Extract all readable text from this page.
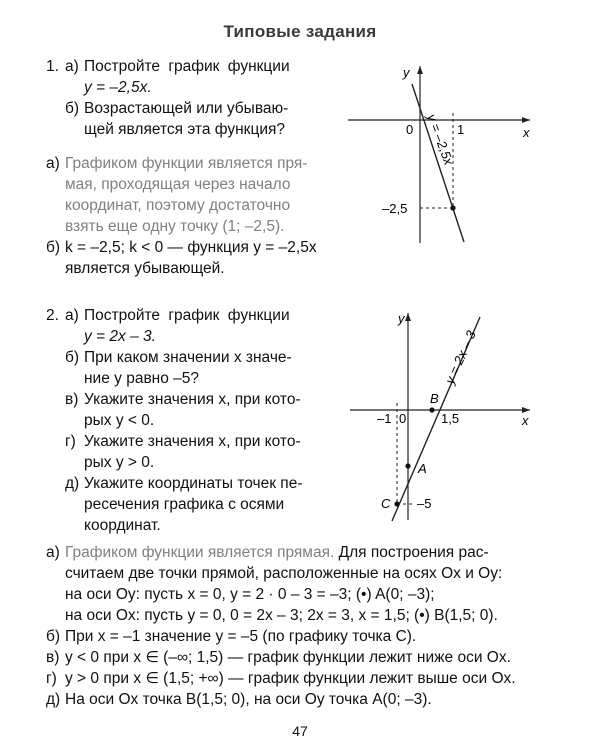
Типовые задания
1. а) Постройте график функции
y = –2,5x.
б) Возрастающей или убываю-
щей является эта функция?
а) Графиком функции является пря-
мая, проходящая через начало
координат, поэтому достаточно
взять еще одну точку (1; –2,5).
б) k = –2,5; k < 0 — функция y = –2,5x
является убывающей.
y
x
0	1
–2,5
y = –2,5x
2. а) Постройте график функции
y = 2x – 3.
б) При каком значении x значе-
ние y равно –5?
в) Укажите значения x, при кото-
рых y < 0.
г) Укажите значения x, при кото-
рых y > 0.
д) Укажите координаты точек пе-
ресечения графика с осями
координат.
y
x
–1 0	1,5
B
A
C –5
y = 2x – 3
а) Графиком функции является прямая. Для построения рас-
считаем две точки прямой, расположенные на осях Ox и Oy:
на оси Oy: пусть x = 0, y = 2 · 0 – 3 = –3; (•) A(0; –3);
на оси Ox: пусть y = 0, 0 = 2x – 3; 2x = 3, x = 1,5; (•) B(1,5; 0).
б) При x = –1 значение y = –5 (по графику точка C).
в) y < 0 при x ∈ (–∞; 1,5) — график функции лежит ниже оси Ox.
г) y > 0 при x ∈ (1,5; +∞) — график функции лежит выше оси Ox.
д) На оси Ox точка B(1,5; 0), на оси Oy точка A(0; –3).
47
